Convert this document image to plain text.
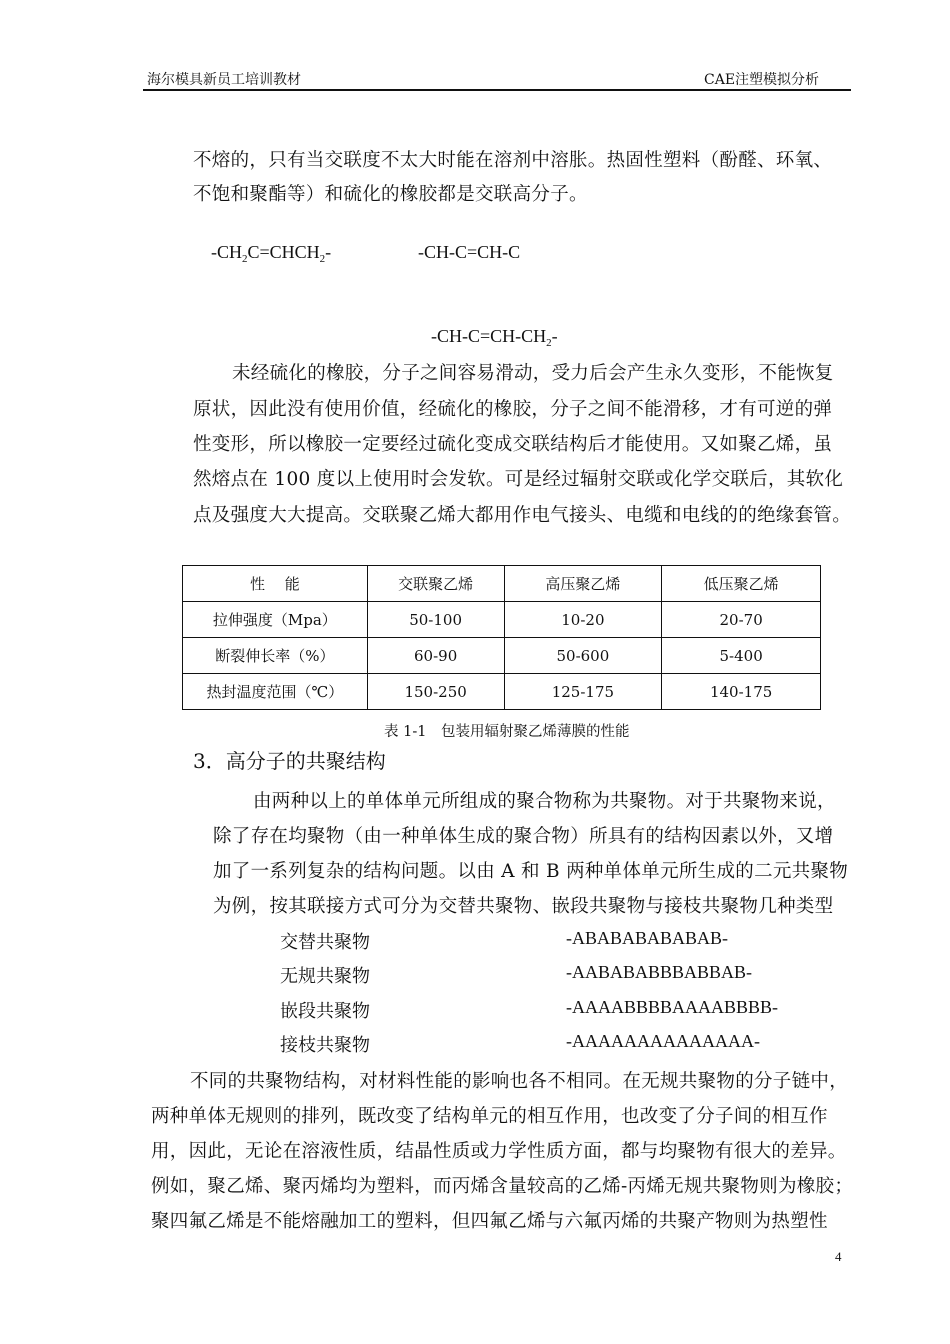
海尔模具新员工培训教材	CAE注塑模拟分析
不熔的，只有当交联度不太大时能在溶剂中溶胀。热固性塑料（酚醛、环氧、
不饱和聚酯等）和硫化的橡胶都是交联高分子。
$-CH_2C=CHCH_2-$	-CH-C=CH-C
$-CH-C=CH-CH_2-$
未经硫化的橡胶，分子之间容易滑动，受力后会产生永久变形，不能恢复
原状，因此没有使用价值，经硫化的橡胶，分子之间不能滑移，才有可逆的弹
性变形，所以橡胶一定要经过硫化变成交联结构后才能使用。又如聚乙烯，虽
然熔点在 100 度以上使用时会发软。可是经过辐射交联或化学交联后，其软化
点及强度大大提高。交联聚乙烯大都用作电气接头、电缆和电线的的绝缘套管。
性　 能	交联聚乙烯	高压聚乙烯	低压聚乙烯
拉伸强度（Mpa）	50-100	10-20	20-70
断裂伸长率（%）	60-90	50-600	5-400
热封温度范围（℃）	150-250	125-175	140-175
表 1-1　包装用辐射聚乙烯薄膜的性能
3．高分子的共聚结构
由两种以上的单体单元所组成的聚合物称为共聚物。对于共聚物来说，
除了存在均聚物（由一种单体生成的聚合物）所具有的结构因素以外，又增
加了一系列复杂的结构问题。以由 A 和 B 两种单体单元所生成的二元共聚物
为例，按其联接方式可分为交替共聚物、嵌段共聚物与接枝共聚物几种类型
交替共聚物	-ABABABABABAB-
无规共聚物	-AABABABBBABBAB-
嵌段共聚物	-AAAABBBBAAAABBBB-
接枝共聚物	-AAAAAAAAAAAAAA-
不同的共聚物结构，对材料性能的影响也各不相同。在无规共聚物的分子链中，
两种单体无规则的排列，既改变了结构单元的相互作用，也改变了分子间的相互作
用，因此，无论在溶液性质，结晶性质或力学性质方面，都与均聚物有很大的差异。
例如，聚乙烯、聚丙烯均为塑料，而丙烯含量较高的乙烯-丙烯无规共聚物则为橡胶；
聚四氟乙烯是不能熔融加工的塑料，但四氟乙烯与六氟丙烯的共聚产物则为热塑性
4
